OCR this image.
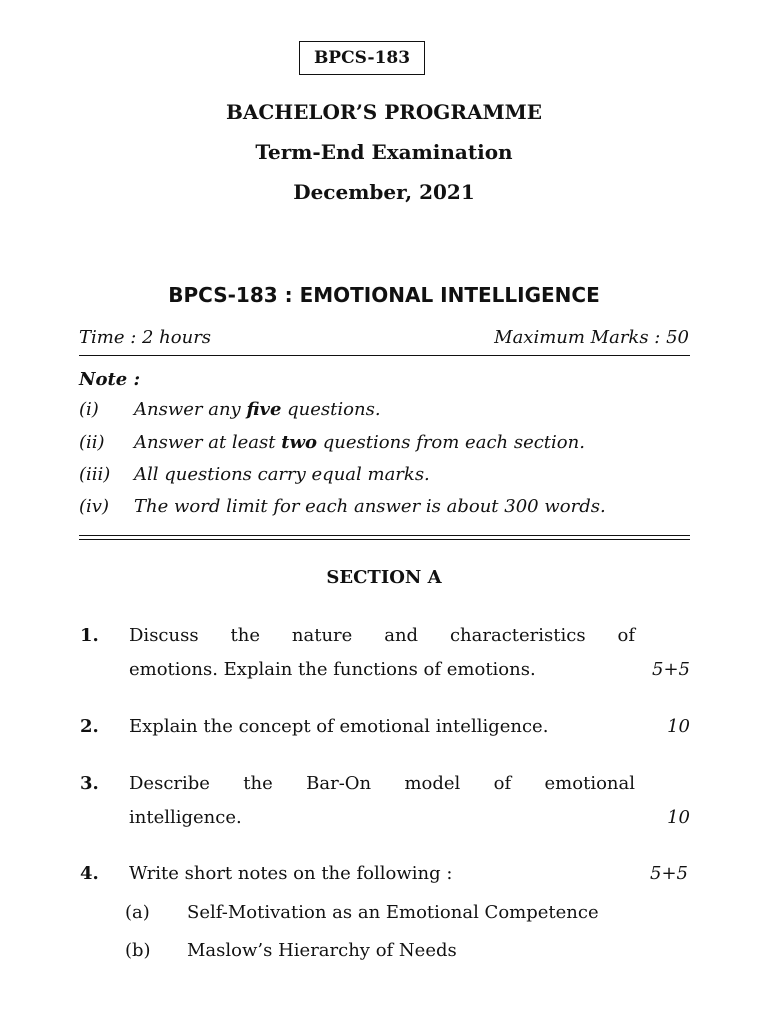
BPCS-183
BACHELOR’S PROGRAMME
Term-End Examination
December, 2021
BPCS-183 : EMOTIONAL INTELLIGENCE
Time : 2 hours	Maximum Marks : 50
Note :
(i) Answer any five questions.
(ii) Answer at least two questions from each section.
(iii) All questions carry equal marks.
(iv) The word limit for each answer is about 300 words.
SECTION A
1. Discuss the nature and characteristics of
emotions. Explain the functions of emotions.	5+5
2. Explain the concept of emotional intelligence.	10
3. Describe the Bar-On model of emotional
intelligence.	10
4. Write short notes on the following :	5+5
(a) Self-Motivation as an Emotional Competence
(b) Maslow’s Hierarchy of Needs
